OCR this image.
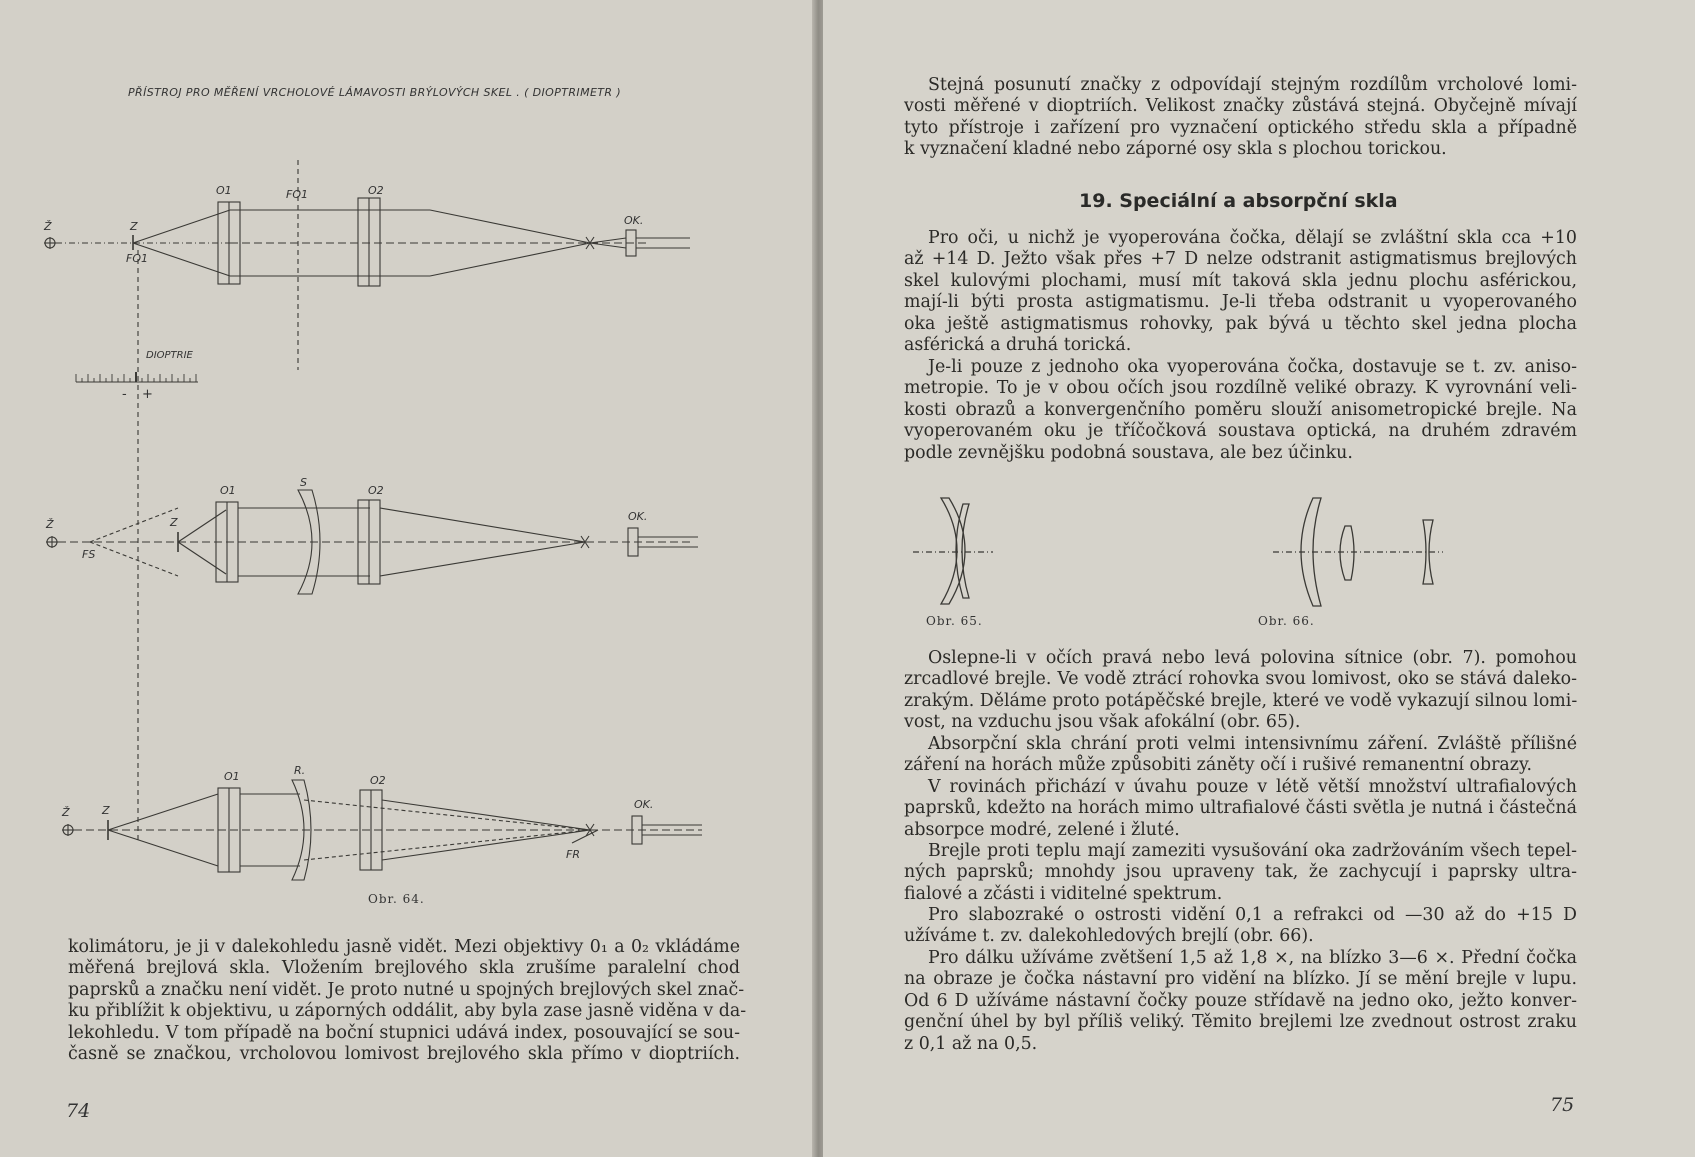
PŘÍSTROJ PRO MĚŘENÍ VRCHOLOVÉ LÁMAVOSTI BRÝLOVÝCH SKEL . ( DIOPTRIMETR )
Ž	Z
FO1
FO1
O1	O2
OK.
DIOPTRIE
- +
Ž
FS
Z
O1
S
O2
OK.
Ž	Z
O1	R.
O2
FR
OK.
Obr. 64.

kolimátoru, je ji v dalekohledu jasně vidět. Mezi objektivy 0₁ a 0₂ vkládáme

měřená brejlová skla. Vložením brejlového skla zrušíme paralelní chod

paprsků a značku není vidět. Je proto nutné u spojných brejlových skel znač-

ku přiblížit k objektivu, u záporných oddálit, aby byla zase jasně viděna v da-

lekohledu. V tom případě na boční stupnici udává index, posouvající se sou-

časně se značkou, vrcholovou lomivost brejlového skla přímo v dioptriích.

74

Stejná posunutí značky z odpovídají stejným rozdílům vrcholové lomi-

vosti měřené v dioptriích. Velikost značky zůstává stejná. Obyčejně mívají

tyto přístroje i zařízení pro vyznačení optického středu skla a případně

k vyznačení kladné nebo záporné osy skla s plochou torickou.

19. Speciální a absorpční skla

Pro oči, u nichž je vyoperována čočka, dělají se zvláštní skla cca +10

až +14 D. Ježto však přes +7 D nelze odstranit astigmatismus brejlových

skel kulovými plochami, musí mít taková skla jednu plochu asférickou,

mají-li býti prosta astigmatismu. Je-li třeba odstranit u vyoperovaného

oka ještě astigmatismus rohovky, pak bývá u těchto skel jedna plocha

asférická a druhá torická.

Je-li pouze z jednoho oka vyoperována čočka, dostavuje se t. zv. aniso-

metropie. To je v obou očích jsou rozdílně veliké obrazy. K vyrovnání veli-

kosti obrazů a konvergenčního poměru slouží anisometropické brejle. Na

vyoperovaném oku je tříčočková soustava optická, na druhém zdravém

podle zevnějšku podobná soustava, ale bez účinku.

Obr. 65.	Obr. 66.

Oslepne-li v očích pravá nebo levá polovina sítnice (obr. 7). pomohou

zrcadlové brejle. Ve vodě ztrácí rohovka svou lomivost, oko se stává daleko-

zrakým. Děláme proto potápěčské brejle, které ve vodě vykazují silnou lomi-

vost, na vzduchu jsou však afokální (obr. 65).

Absorpční skla chrání proti velmi intensivnímu záření. Zvláště přílišné

záření na horách může způsobiti záněty očí i rušivé remanentní obrazy.

V rovinách přichází v úvahu pouze v létě větší množství ultrafialových

paprsků, kdežto na horách mimo ultrafialové části světla je nutná i částečná

absorpce modré, zelené i žluté.

Brejle proti teplu mají zameziti vysušování oka zadržováním všech tepel-

ných paprsků; mnohdy jsou upraveny tak, že zachycují i paprsky ultra-

fialové a zčásti i viditelné spektrum.

Pro slabozraké o ostrosti vidění 0,1 a refrakci od —30 až do +15 D

užíváme t. zv. dalekohledových brejlí (obr. 66).

Pro dálku užíváme zvětšení 1,5 až 1,8 ×, na blízko 3—6 ×. Přední čočka

na obraze je čočka nástavní pro vidění na blízko. Jí se mění brejle v lupu.

Od 6 D užíváme nástavní čočky pouze střídavě na jedno oko, ježto konver-

genční úhel by byl příliš veliký. Těmito brejlemi lze zvednout ostrost zraku

z 0,1 až na 0,5.

75
